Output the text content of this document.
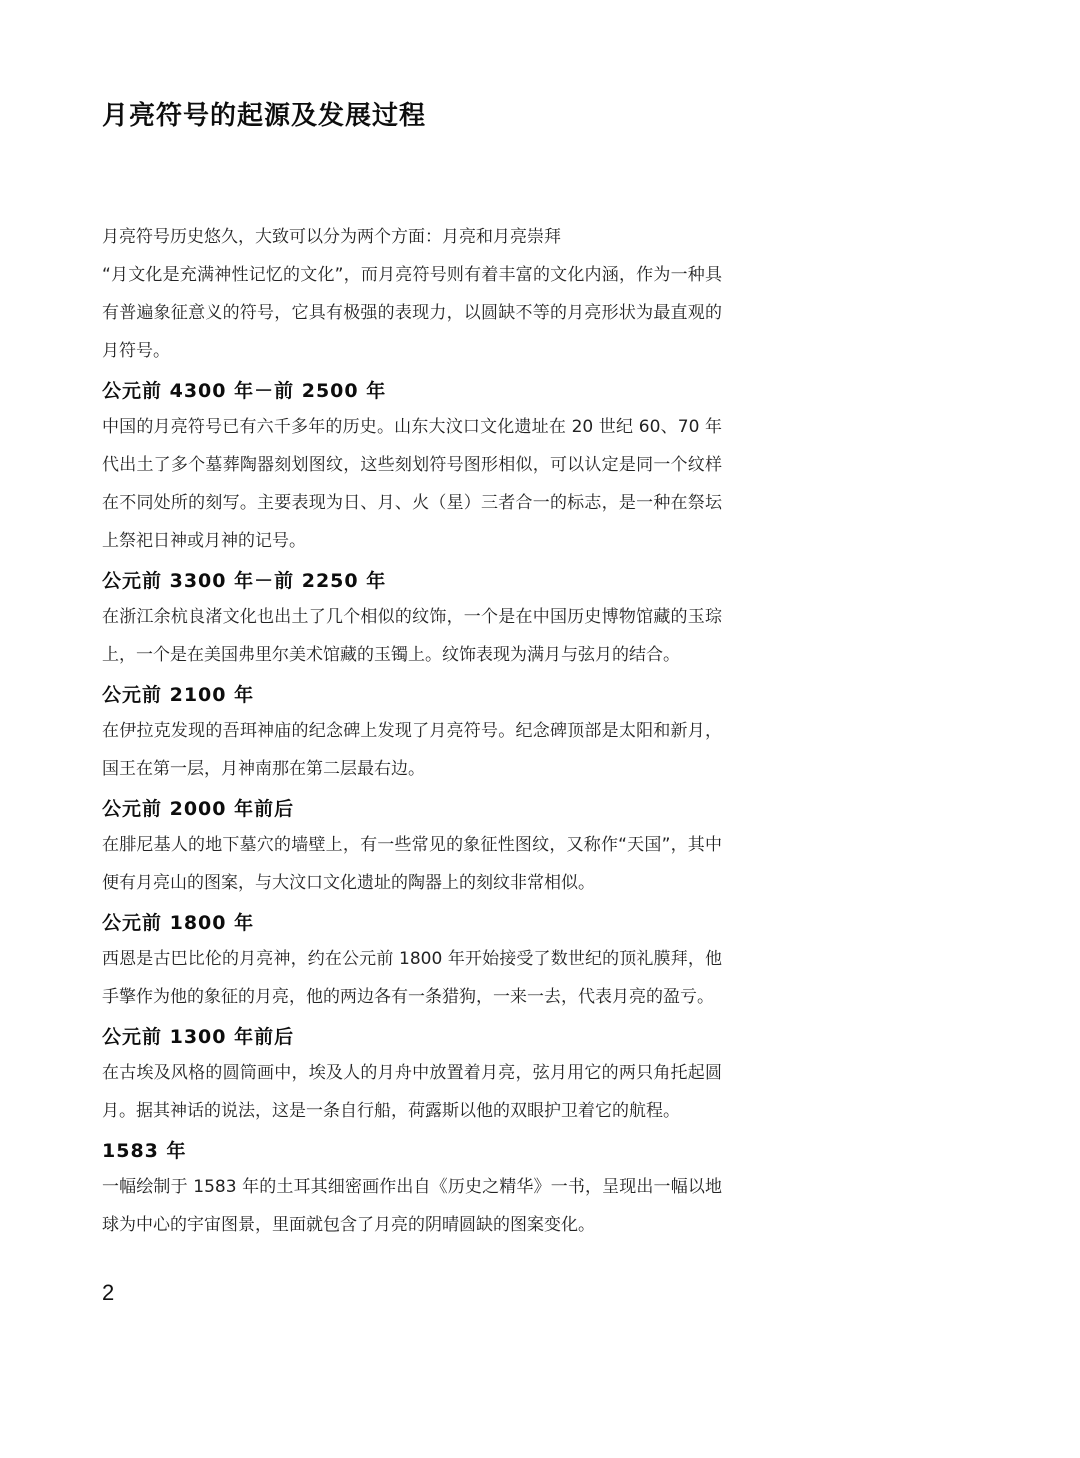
月亮符号的起源及发展过程

月亮符号历史悠久，大致可以分为两个方面：月亮和月亮崇拜

“月文化是充满神性记忆的文化”，而月亮符号则有着丰富的文化内涵，作为一种具有普遍象征意义的符号，它具有极强的表现力，以圆缺不等的月亮形状为最直观的月符号。

公元前 4300 年－前 2500 年

中国的月亮符号已有六千多年的历史。山东大汶口文化遗址在 20 世纪 60、70 年代出土了多个墓葬陶器刻划图纹，这些刻划符号图形相似，可以认定是同一个纹样在不同处所的刻写。主要表现为日、月、火（星）三者合一的标志，是一种在祭坛上祭祀日神或月神的记号。

公元前 3300 年－前 2250 年

在浙江余杭良渚文化也出土了几个相似的纹饰，一个是在中国历史博物馆藏的玉琮上，一个是在美国弗里尔美术馆藏的玉镯上。纹饰表现为满月与弦月的结合。

公元前 2100 年

在伊拉克发现的吾珥神庙的纪念碑上发现了月亮符号。纪念碑顶部是太阳和新月，国王在第一层，月神南那在第二层最右边。

公元前 2000 年前后

在腓尼基人的地下墓穴的墙壁上，有一些常见的象征性图纹，又称作“天国”，其中便有月亮山的图案，与大汶口文化遗址的陶器上的刻纹非常相似。

公元前 1800 年

西恩是古巴比伦的月亮神，约在公元前 1800 年开始接受了数世纪的顶礼膜拜，他手擎作为他的象征的月亮，他的两边各有一条猎狗，一来一去，代表月亮的盈亏。

公元前 1300 年前后

在古埃及风格的圆筒画中，埃及人的月舟中放置着月亮，弦月用它的两只角托起圆月。据其神话的说法，这是一条自行船，荷露斯以他的双眼护卫着它的航程。

1583 年

一幅绘制于 1583 年的土耳其细密画作出自《历史之精华》一书，呈现出一幅以地球为中心的宇宙图景，里面就包含了月亮的阴晴圆缺的图案变化。

2
